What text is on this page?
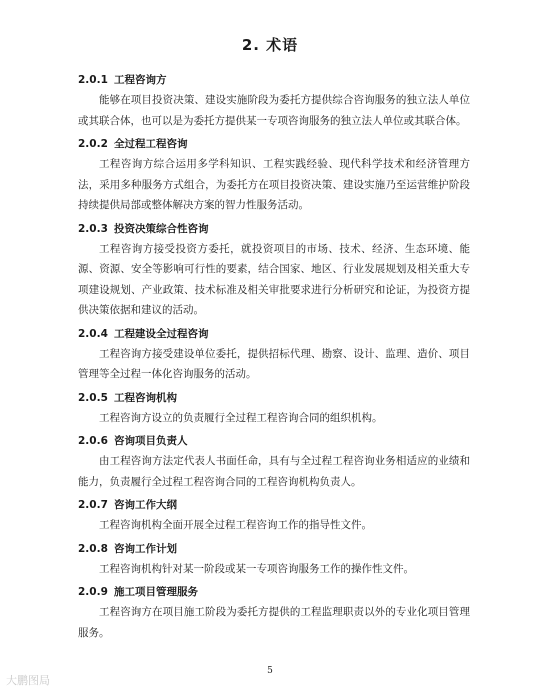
2. 术语
2.0.1 工程咨询方

能够在项目投资决策、建设实施阶段为委托方提供综合咨询服务的独立法人单位或其联合体，也可以是为委托方提供某一专项咨询服务的独立法人单位或其联合体。

2.0.2 全过程工程咨询

工程咨询方综合运用多学科知识、工程实践经验、现代科学技术和经济管理方法，采用多种服务方式组合，为委托方在项目投资决策、建设实施乃至运营维护阶段持续提供局部或整体解决方案的智力性服务活动。

2.0.3 投资决策综合性咨询

工程咨询方接受投资方委托，就投资项目的市场、技术、经济、生态环境、能源、资源、安全等影响可行性的要素，结合国家、地区、行业发展规划及相关重大专项建设规划、产业政策、技术标准及相关审批要求进行分析研究和论证，为投资方提供决策依据和建议的活动。

2.0.4 工程建设全过程咨询

工程咨询方接受建设单位委托，提供招标代理、勘察、设计、监理、造价、项目管理等全过程一体化咨询服务的活动。

2.0.5 工程咨询机构

工程咨询方设立的负责履行全过程工程咨询合同的组织机构。

2.0.6 咨询项目负责人

由工程咨询方法定代表人书面任命，具有与全过程工程咨询业务相适应的业绩和能力，负责履行全过程工程咨询合同的工程咨询机构负责人。

2.0.7 咨询工作大纲

工程咨询机构全面开展全过程工程咨询工作的指导性文件。

2.0.8 咨询工作计划

工程咨询机构针对某一阶段或某一专项咨询服务工作的操作性文件。

2.0.9 施工项目管理服务

工程咨询方在项目施工阶段为委托方提供的工程监理职责以外的专业化项目管理服务。

5
大鹏图局
